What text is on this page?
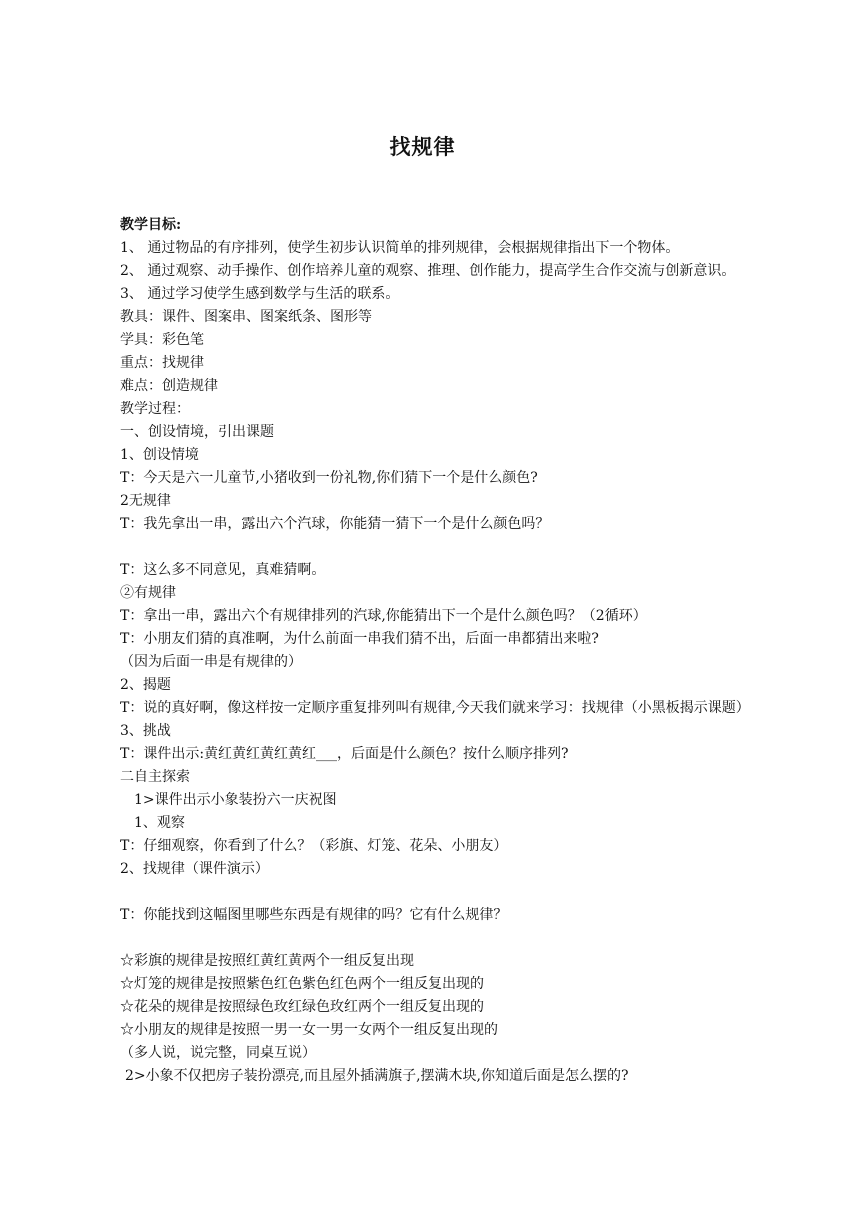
找规律
教学目标:
1、 通过物品的有序排列，使学生初步认识简单的排列规律，会根据规律指出下一个物体。
2、 通过观察、动手操作、创作培养儿童的观察、推理、创作能力，提高学生合作交流与创新意识。
3、 通过学习使学生感到数学与生活的联系。
教具：课件、图案串、图案纸条、图形等
学具：彩色笔
重点：找规律
难点：创造规律
教学过程：
一、创设情境，引出课题
1、创设情境
T：今天是六一儿童节,小猪收到一份礼物,你们猜下一个是什么颜色?
2无规律
T：我先拿出一串，露出六个汽球，你能猜一猜下一个是什么颜色吗？
T：这么多不同意见，真难猜啊。
②有规律
T：拿出一串，露出六个有规律排列的汽球,你能猜出下一个是什么颜色吗？（2循环）
T：小朋友们猜的真准啊，为什么前面一串我们猜不出，后面一串都猜出来啦?
（因为后面一串是有规律的）
2、揭题
T：说的真好啊，像这样按一定顺序重复排列叫有规律,今天我们就来学习：找规律（小黑板揭示课题）
3、挑战
T：课件出示:黄红黄红黄红黄红___，后面是什么颜色？按什么顺序排列?
二自主探索
1>课件出示小象装扮六一庆祝图
1、观察
T：仔细观察，你看到了什么？（彩旗、灯笼、花朵、小朋友）
2、找规律（课件演示）
T：你能找到这幅图里哪些东西是有规律的吗？它有什么规律？
☆彩旗的规律是按照红黄红黄两个一组反复出现
☆灯笼的规律是按照紫色红色紫色红色两个一组反复出现的
☆花朵的规律是按照绿色玫红绿色玫红两个一组反复出现的
☆小朋友的规律是按照一男一女一男一女两个一组反复出现的
（多人说，说完整，同桌互说）
2>小象不仅把房子装扮漂亮,而且屋外插满旗子,摆满木块,你知道后面是怎么摆的?
